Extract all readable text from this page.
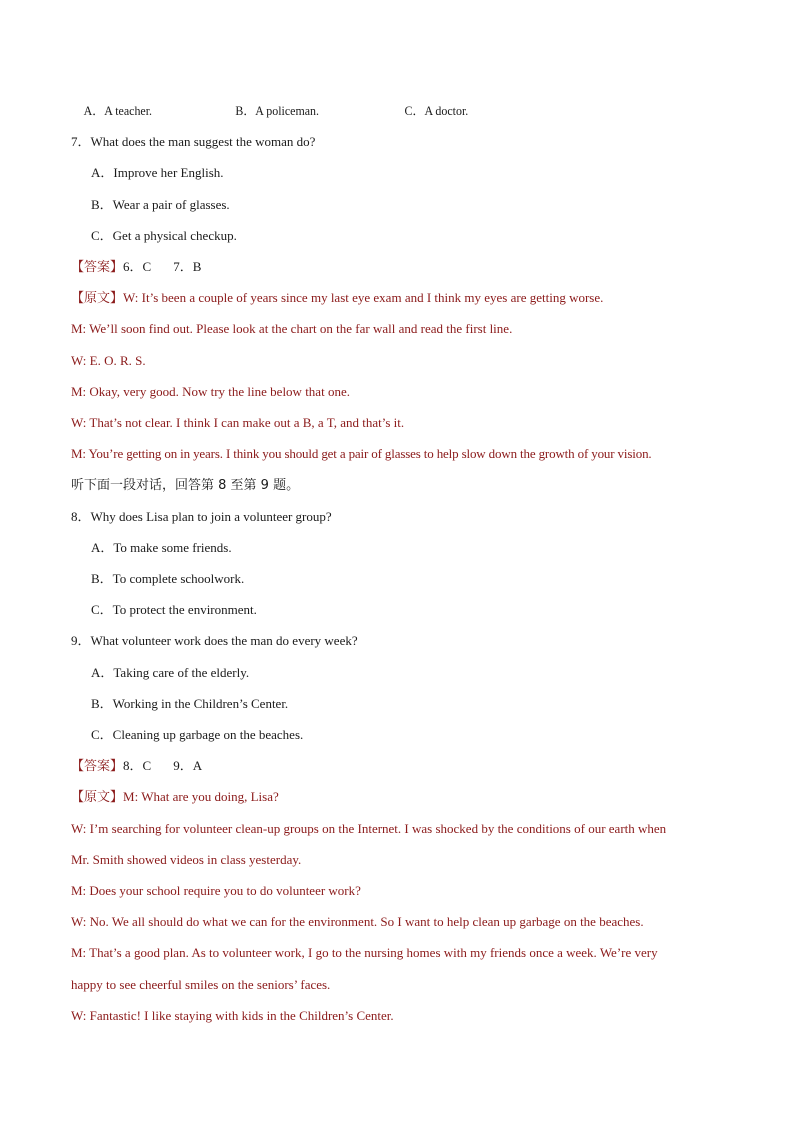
A．A teacher.	B．A policeman.	C．A doctor.
7．What does the man suggest the woman do?
A．Improve her English.
B．Wear a pair of glasses.
C．Get a physical checkup.
【答案】6．C 7．B
【原文】W: It’s been a couple of years since my last eye exam and I think my eyes are getting worse.
M: We’ll soon find out. Please look at the chart on the far wall and read the first line.
W: E. O. R. S.
M: Okay, very good. Now try the line below that one.
W: That’s not clear. I think I can make out a B, a T, and that’s it.
M: You’re getting on in years. I think you should get a pair of glasses to help slow down the growth of your vision.
听下面一段对话，回答第 8 至第 9 题。
8．Why does Lisa plan to join a volunteer group?
A．To make some friends.
B．To complete schoolwork.
C．To protect the environment.
9．What volunteer work does the man do every week?
A．Taking care of the elderly.
B．Working in the Children’s Center.
C．Cleaning up garbage on the beaches.
【答案】8．C 9．A
【原文】M: What are you doing, Lisa?
W: I’m searching for volunteer clean-up groups on the Internet. I was shocked by the conditions of our earth when
Mr. Smith showed videos in class yesterday.
M: Does your school require you to do volunteer work?
W: No. We all should do what we can for the environment. So I want to help clean up garbage on the beaches.
M: That’s a good plan. As to volunteer work, I go to the nursing homes with my friends once a week. We’re very
happy to see cheerful smiles on the seniors’ faces.
W: Fantastic! I like staying with kids in the Children’s Center.
